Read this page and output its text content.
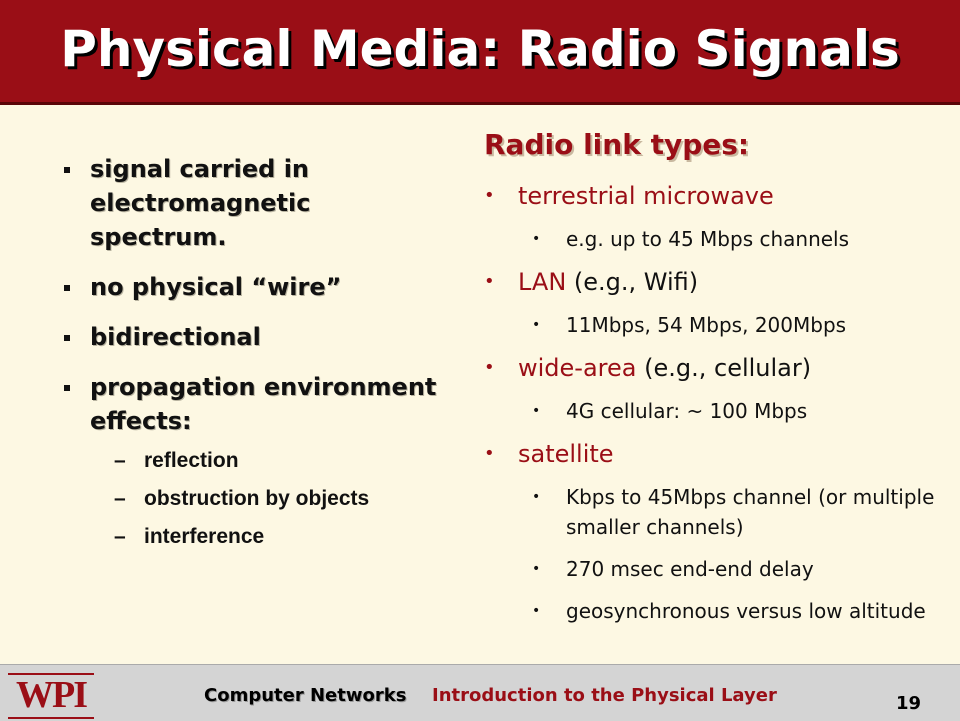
Physical Media: Radio Signals
signal carried in electromagnetic spectrum.
no physical “wire”
bidirectional
propagation environment effects:
– reflection
– obstruction by objects
– interference
Radio link types:
• terrestrial microwave
• e.g. up to 45 Mbps channels
• LAN (e.g., Wifi)
• 11Mbps, 54 Mbps, 200Mbps
• wide-area (e.g., cellular)
• 4G cellular: ~ 100 Mbps
• satellite
• Kbps to 45Mbps channel (or multiple smaller channels)
• 270 msec end-end delay
• geosynchronous versus low altitude
WPI	Computer Networks Introduction to the Physical Layer	19
